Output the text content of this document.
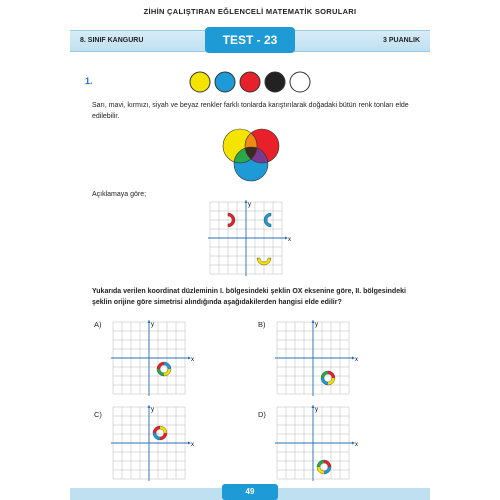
ZİHİN ÇALIŞTIRAN EĞLENCELİ MATEMATİK SORULARI
8. SINIF KANGURU	TEST - 23	3 PUANLIK
1.
Sarı, mavi, kırmızı, siyah ve beyaz renkler farklı tonlarda karıştırılarak doğadaki bütün renk tonları elde edilebilir.
Açıklamaya göre;
x
y
Yukarıda verilen koordinat düzleminin I. bölgesindeki şeklin OX eksenine göre, II. bölgesindeki şeklin orijine göre simetrisi alındığında aşağıdakilerden hangisi elde edilir?
A)
x
y	B)
x
y
C)
x
y	D)
x
y
49
